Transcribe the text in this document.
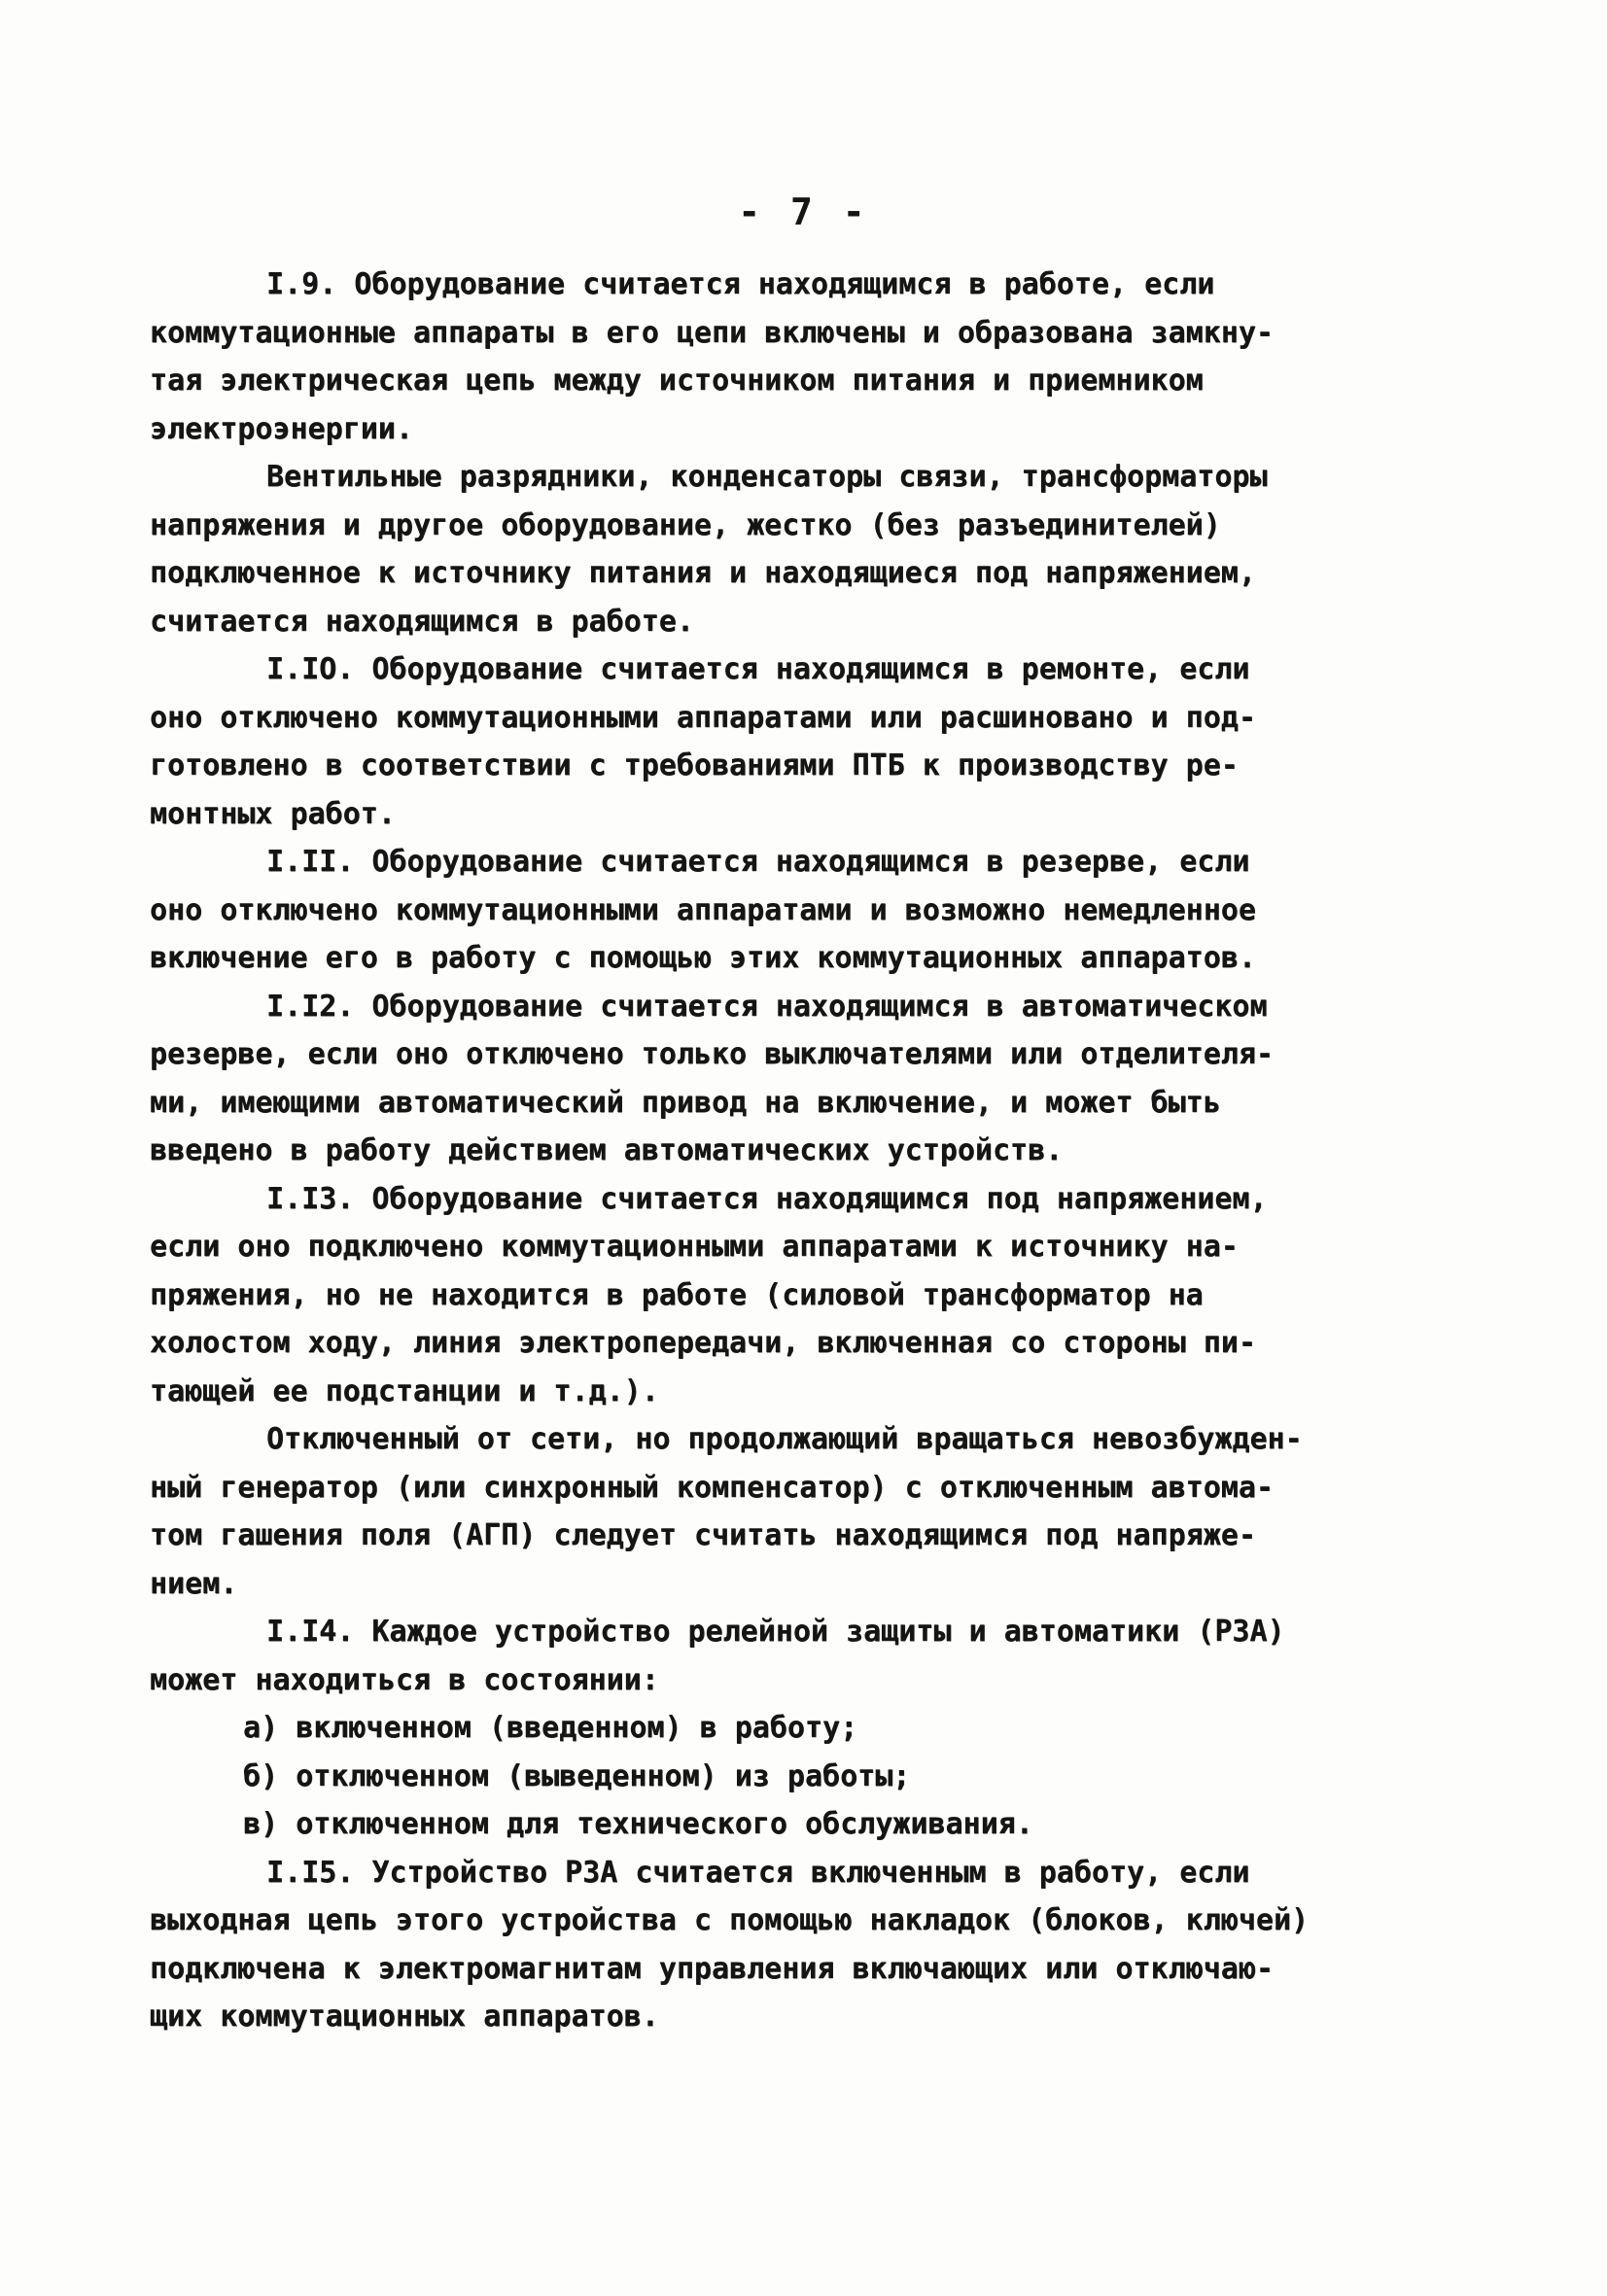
- 7 -
I.9. Оборудование считается находящимся в работе, если
коммутационные аппараты в его цепи включены и образована замкну-
тая электрическая цепь между источником питания и приемником
электроэнергии.
Вентильные разрядники, конденсаторы связи, трансформаторы
напряжения и другое оборудование, жестко (без разъединителей)
подключенное к источнику питания и находящиеся под напряжением,
считается находящимся в работе.
I.IO. Оборудование считается находящимся в ремонте, если
оно отключено коммутационными аппаратами или расшиновано и под-
готовлено в соответствии с требованиями ПТБ к производству ре-
монтных работ.
I.II. Оборудование считается находящимся в резерве, если
оно отключено коммутационными аппаратами и возможно немедленное
включение его в работу с помощью этих коммутационных аппаратов.
I.I2. Оборудование считается находящимся в автоматическом
резерве, если оно отключено только выключателями или отделителя-
ми, имеющими автоматический привод на включение, и может быть
введено в работу действием автоматических устройств.
I.I3. Оборудование считается находящимся под напряжением,
если оно подключено коммутационными аппаратами к источнику на-
пряжения, но не находится в работе (силовой трансформатор на
холостом ходу, линия электропередачи, включенная со стороны пи-
тающей ее подстанции и т.д.).
Отключенный от сети, но продолжающий вращаться невозбужден-
ный генератор (или синхронный компенсатор) с отключенным автома-
том гашения поля (АГП) следует считать находящимся под напряже-
нием.
I.I4. Каждое устройство релейной защиты и автоматики (РЗА)
может находиться в состоянии:
а) включенном (введенном) в работу;
б) отключенном (выведенном) из работы;
в) отключенном для технического обслуживания.
I.I5. Устройство РЗА считается включенным в работу, если
выходная цепь этого устройства с помощью накладок (блоков, ключей)
подключена к электромагнитам управления включающих или отключаю-
щих коммутационных аппаратов.
